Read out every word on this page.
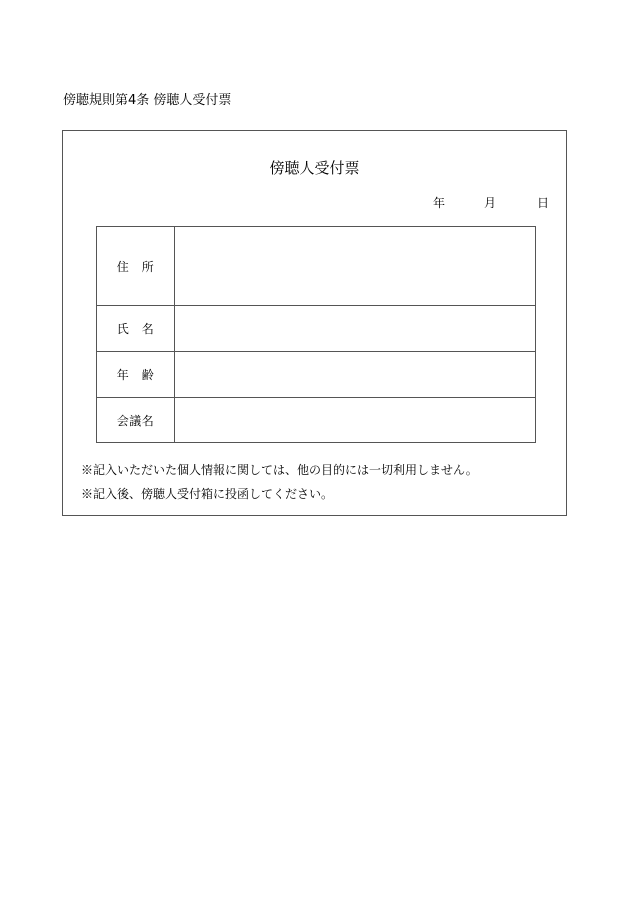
傍聴規則第4条 傍聴人受付票
傍聴人受付票
年	月	日
住　所	
氏　名	
年　齢	
会議名	
※記入いただいた個人情報に関しては、他の目的には一切利用しません。
※記入後、傍聴人受付箱に投函してください。
